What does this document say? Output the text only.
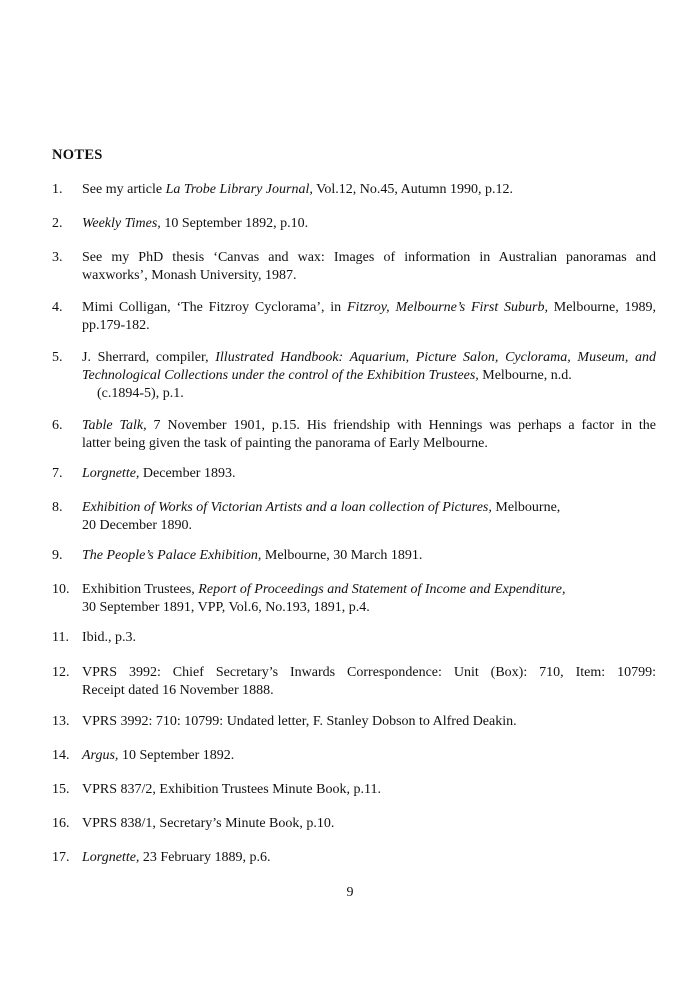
NOTES
1. See my article La Trobe Library Journal, Vol.12, No.45, Autumn 1990, p.12.
2. Weekly Times, 10 September 1892, p.10.
3. See my PhD thesis ‘Canvas and wax: Images of information in Australian panoramas and
waxworks’, Monash University, 1987.
4. Mimi Colligan, ‘The Fitzroy Cyclorama’, in Fitzroy, Melbourne’s First Suburb, Melbourne, 1989,
pp.179-182.
5. J. Sherrard, compiler, Illustrated Handbook: Aquarium, Picture Salon, Cyclorama, Museum, and
Technological Collections under the control of the Exhibition Trustees, Melbourne, n.d.
(c.1894-5), p.1.
6. Table Talk, 7 November 1901, p.15. His friendship with Hennings was perhaps a factor in the
latter being given the task of painting the panorama of Early Melbourne.
7. Lorgnette, December 1893.
8. Exhibition of Works of Victorian Artists and a loan collection of Pictures, Melbourne,
20 December 1890.
9. The People’s Palace Exhibition, Melbourne, 30 March 1891.
10. Exhibition Trustees, Report of Proceedings and Statement of Income and Expenditure,
30 September 1891, VPP, Vol.6, No.193, 1891, p.4.
11. Ibid., p.3.
12. VPRS 3992: Chief Secretary’s Inwards Correspondence: Unit (Box): 710, Item: 10799:
Receipt dated 16 November 1888.
13. VPRS 3992: 710: 10799: Undated letter, F. Stanley Dobson to Alfred Deakin.
14. Argus, 10 September 1892.
15. VPRS 837/2, Exhibition Trustees Minute Book, p.11.
16. VPRS 838/1, Secretary’s Minute Book, p.10.
17. Lorgnette, 23 February 1889, p.6.
9
